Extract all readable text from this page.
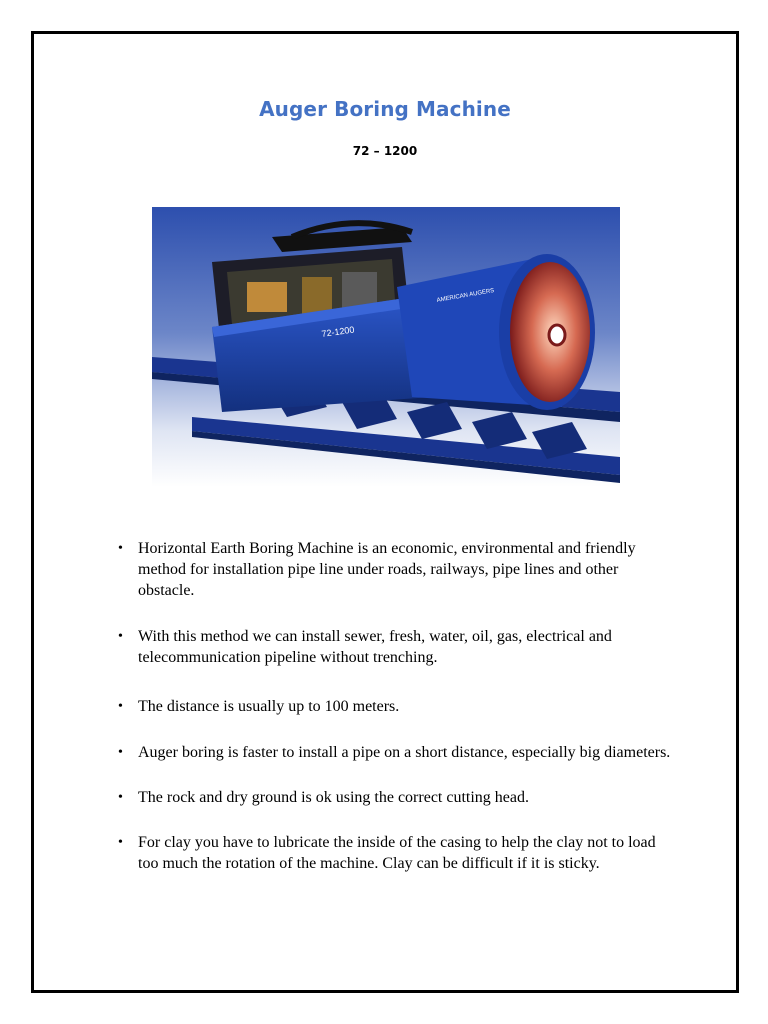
Auger Boring Machine
72 – 1200
72-1200
AMERICAN AUGERS
• Horizontal Earth Boring Machine is an economic, environmental and friendly method for installation pipe line under roads, railways, pipe lines and other obstacle.
• With this method we can install sewer, fresh, water, oil, gas, electrical and telecommunication pipeline without trenching.
• The distance is usually up to 100 meters.
• Auger boring is faster to install a pipe on a short distance, especially big diameters.
• The rock and dry ground is ok using the correct cutting head.
• For clay you have to lubricate the inside of the casing to help the clay not to load too much the rotation of the machine. Clay can be difficult if it is sticky.
